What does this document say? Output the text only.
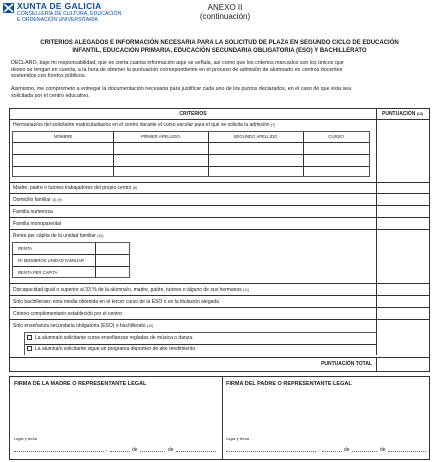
XUNTA DE GALICIA
CONSELLERÍA DE CULTURA, EDUCACIÓN
E ORDENACIÓN UNIVERSITARIA
ANEXO II
(continuación)
CRITERIOS ALEGADOS E INFORMACIÓN NECESARIA PARA LA SOLICITUD DE PLAZA EN SEGUNDO CICLO DE EDUCACIÓN
INFANTIL, EDUCACIÓN PRIMARIA, EDUCACIÓN SECUNDARIA OBLIGATORIA (ESO) Y BACHILLERATO
DECLARO, bajo mi responsabilidad, que es cierta cuanta información aquí se señala, así como que los criterios marcados son los únicos que
deseo se tengan en cuenta, a la hora de obtener la puntuación correspondiente en el proceso de admisión de alumnado en centros docentes
sostenidos con fondos públicos.
Asimismo, me comprometo a entregar la documentación necesaria para justificar cada uno de los puntos declarados, en el caso de que ésta sea
solicitada por el centro educativo.
CRITERIOS	PUNTUACIÓN $^{(13)}$
Hermanas/os del solicitante matriculadas/os en el centro durante el curso escolar para el que se solicita la admisión $^{(7)}$
NOMBRE	PRIMER APELLIDO	SEGUNDO APELLIDO	CURSO
Madre, padre o tutores trabajadores del propio centro $^{(8)}$
Domicilio familiar $^{(3) (9)}$
Familia numerosa
Familia monoparental
Renta per cápita de la unidad familiar $^{(10)}$
RENTA
Nº MIEMBROS UNIDAD FAMILIAR
RENTA PER CÁPITA
Discapacidad igual o superior al 33 % de la alumna/o, madre, padre, tutores o alguno de sus hermanos $^{(11)}$
Sólo bachillerato: nota media obtenida en el tercer curso de la ESO o en la titulación alegada
Criterio complementario establecido por el centro
Sólo enseñanza secundaria obligatoria (ESO) o bachillerato $^{(12)}$
La alumna/o solicitante cursa enseñanzas regladas de música o danza.
La alumna/o solicitante sigue un programa deportivo de alto rendimiento.
PUNTUACIÓN TOTAL
FIRMA DE LA MADRE O REPRESENTANTE LEGAL	FIRMA DEL PADRE O REPRESENTANTE LEGAL
Lugar y fecha
,	de	de
Lugar y fecha
,	de	de
